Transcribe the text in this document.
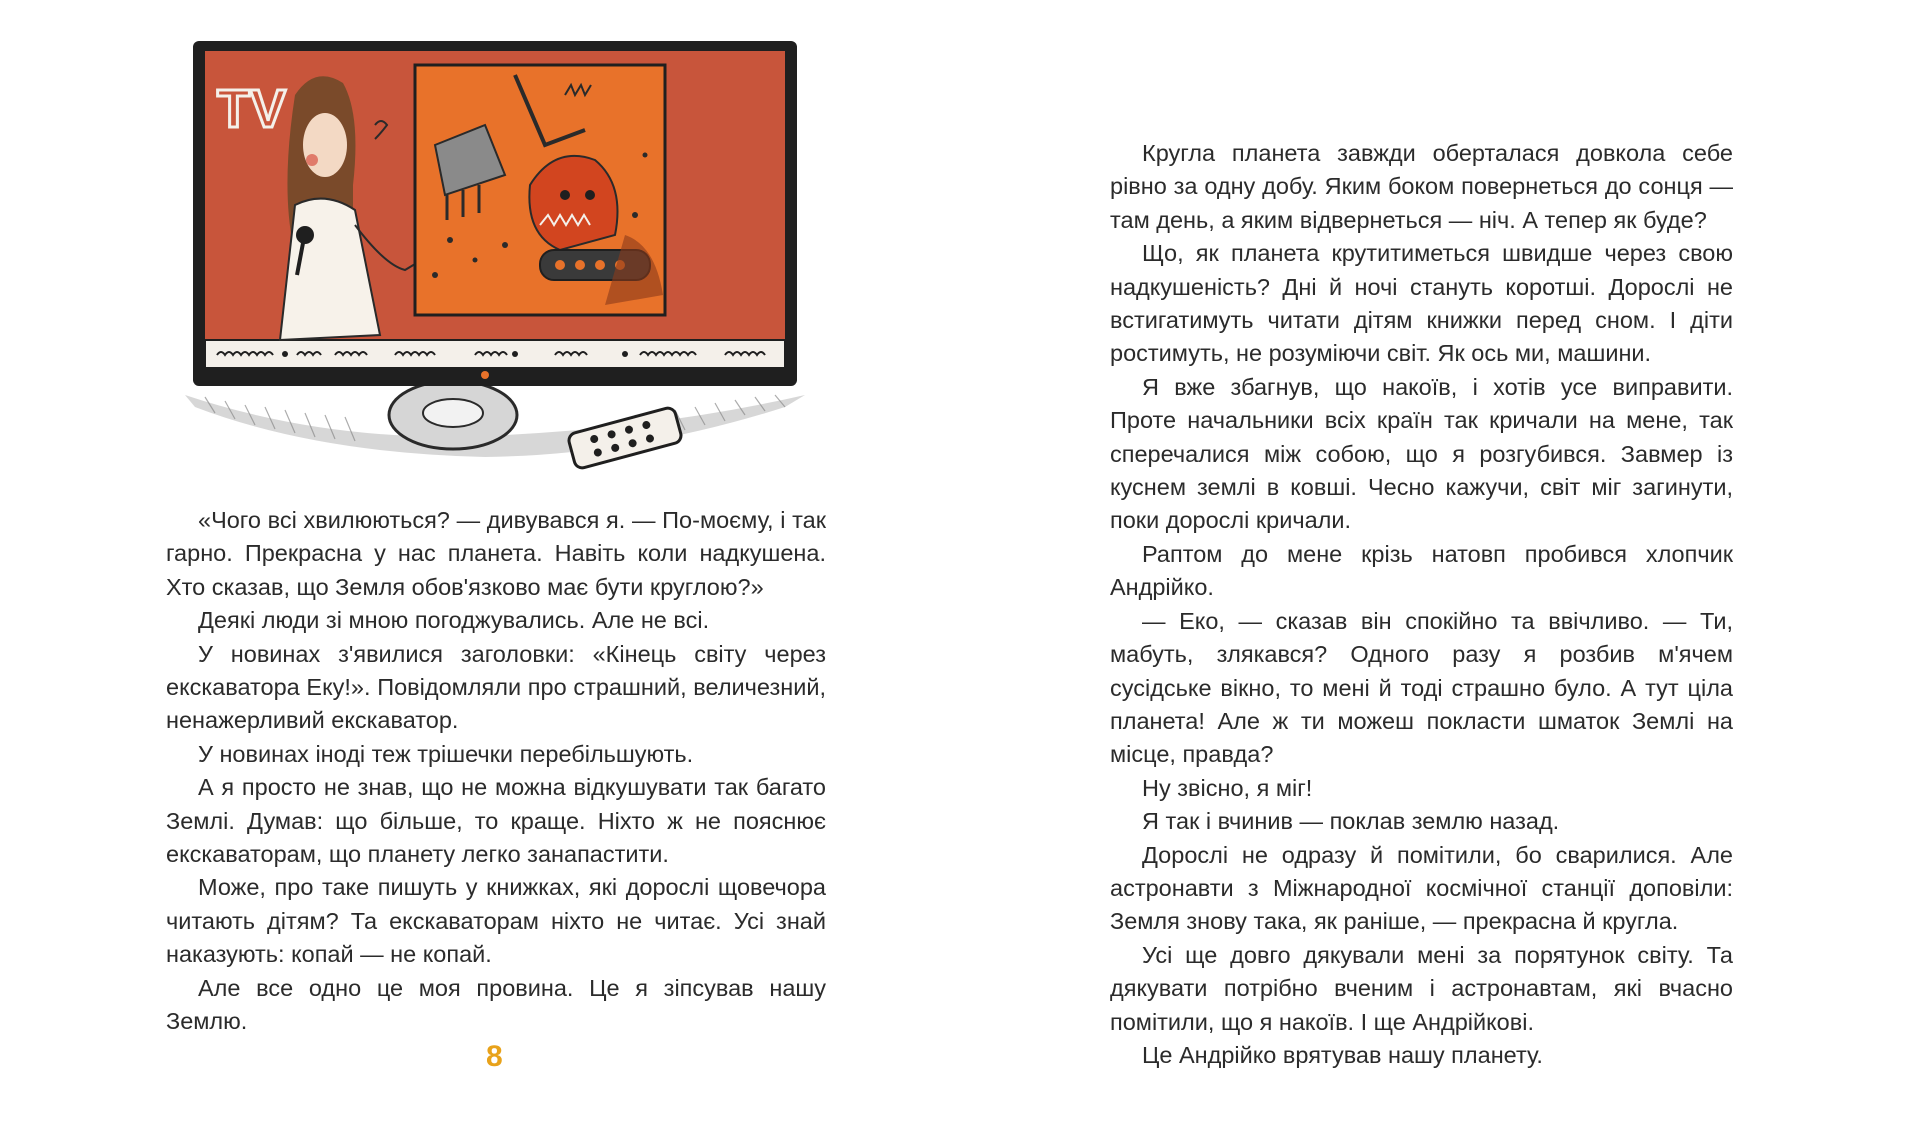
TV

«Чого всі хвилюються? — дивувався я. — По-моєму, і так гарно. Прекрасна у нас планета. Навіть коли надкушена. Хто сказав, що Земля обов'язково має бути круглою?»

Деякі люди зі мною погоджувались. Але не всі.

У новинах з'явилися заголовки: «Кінець світу через екскаватора Еку!». Повідомляли про страшний, величезний, ненажерливий екскаватор.

У новинах іноді теж трішечки перебільшують.

А я просто не знав, що не можна відкушувати так багато Землі. Думав: що більше, то краще. Ніхто ж не пояснює екскаваторам, що планету легко занапастити.

Може, про таке пишуть у книжках, які дорослі щовечора читають дітям? Та екскаваторам ніхто не читає. Усі знай наказують: копай — не копай.

Але все одно це моя провина. Це я зіпсував нашу Землю.

8

Кругла планета завжди оберталася довкола себе рівно за одну добу. Яким боком повернеться до сонця — там день, а яким відвернеться — ніч. А тепер як буде?

Що, як планета крутитиметься швидше через свою надкушеність? Дні й ночі стануть коротші. Дорослі не встигатимуть читати дітям книжки перед сном. І діти ростимуть, не розуміючи світ. Як ось ми, машини.

Я вже збагнув, що накоїв, і хотів усе виправити. Проте начальники всіх країн так кричали на мене, так сперечалися між собою, що я розгубився. Завмер із куснем землі в ковші. Чесно кажучи, світ міг загинути, поки дорослі кричали.

Раптом до мене крізь натовп пробився хлопчик Андрійко.

— Еко, — сказав він спокійно та ввічливо. — Ти, мабуть, злякався? Одного разу я розбив м'ячем сусідське вікно, то мені й тоді страшно було. А тут ціла планета! Але ж ти можеш покласти шматок Землі на місце, правда?

Ну звісно, я міг!

Я так і вчинив — поклав землю назад.

Дорослі не одразу й помітили, бо сварилися. Але астронавти з Міжнародної космічної станції доповіли: Земля знову така, як раніше, — прекрасна й кругла.

Усі ще довго дякували мені за порятунок світу. Та дякувати потрібно вченим і астронавтам, які вчасно помітили, що я накоїв. І ще Андрійкові.

Це Андрійко врятував нашу планету.
